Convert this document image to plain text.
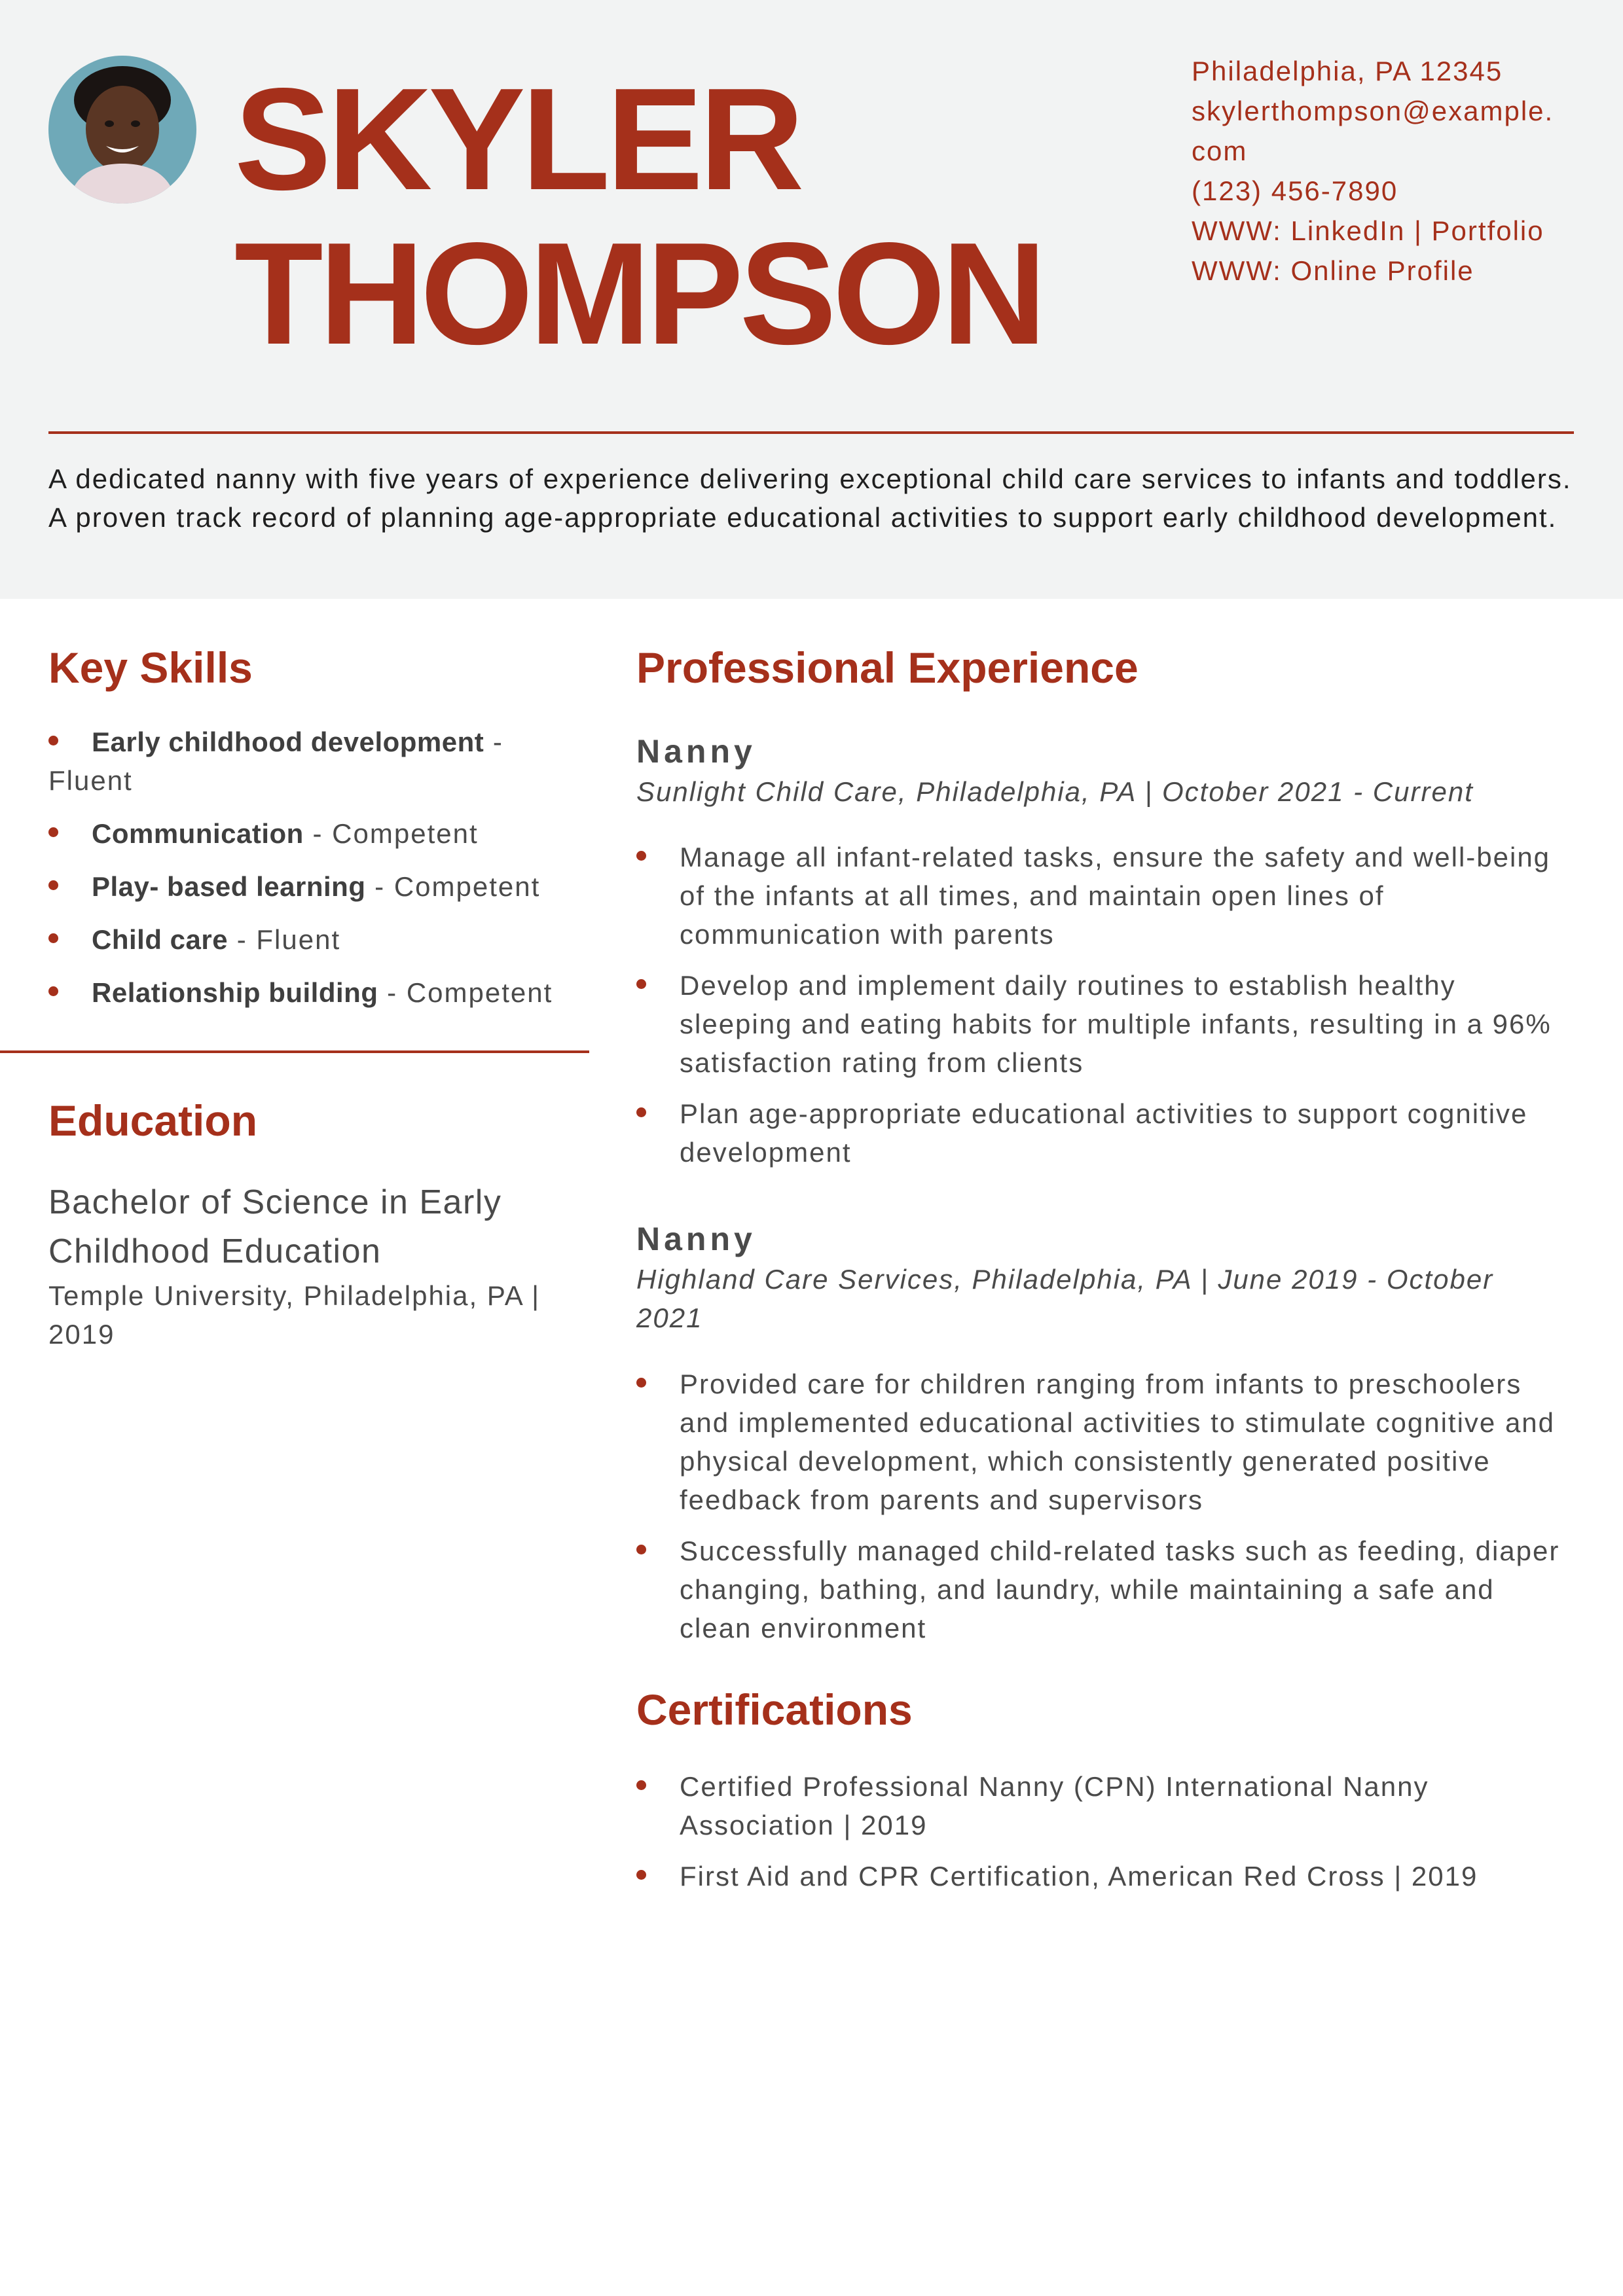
SKYLER
THOMPSON
Philadelphia, PA 12345
skylerthompson@example.
com
(123) 456-7890
WWW: LinkedIn | Portfolio
WWW: Online Profile

A dedicated nanny with five years of experience delivering exceptional child care services to infants and toddlers. A proven track record of planning age-appropriate educational activities to support early childhood development.

Key Skills
Early childhood development -
Fluent
Communication - Competent
Play- based learning - Competent
Child care - Fluent
Relationship building - Competent
Education

Bachelor of Science in Early Childhood Education

Temple University, Philadelphia, PA | 2019

Professional Experience
Nanny

Sunlight Child Care, Philadelphia, PA | October 2021 - Current

Manage all infant-related tasks, ensure the safety and well-being of the infants at all times, and maintain open lines of communication with parents
Develop and implement daily routines to establish healthy sleeping and eating habits for multiple infants, resulting in a 96% satisfaction rating from clients
Plan age-appropriate educational activities to support cognitive development
Nanny

Highland Care Services, Philadelphia, PA | June 2019 - October 2021

Provided care for children ranging from infants to preschoolers and implemented educational activities to stimulate cognitive and physical development, which consistently generated positive feedback from parents and supervisors
Successfully managed child-related tasks such as feeding, diaper changing, bathing, and laundry, while maintaining a safe and clean environment
Certifications
Certified Professional Nanny (CPN) International Nanny Association | 2019
First Aid and CPR Certification, American Red Cross | 2019
